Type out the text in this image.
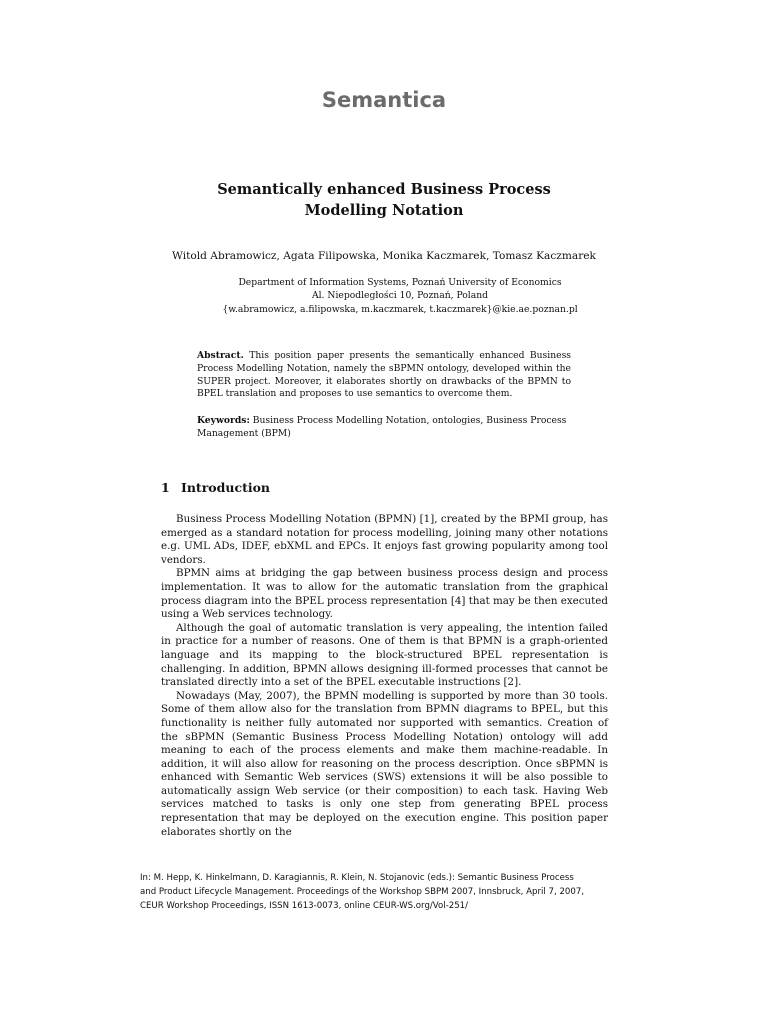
Semantica
Semantically enhanced Business Process Modelling Notation
Witold Abramowicz, Agata Filipowska, Monika Kaczmarek, Tomasz Kaczmarek
Department of Information Systems, Poznań University of Economics
Al. Niepodległości 10, Poznań, Poland
{w.abramowicz, a.filipowska, m.kaczmarek, t.kaczmarek}@kie.ae.poznan.pl
Abstract. This position paper presents the semantically enhanced Business Process Modelling Notation, namely the sBPMN ontology, developed within the SUPER project. Moreover, it elaborates shortly on drawbacks of the BPMN to BPEL translation and proposes to use semantics to overcome them.
Keywords: Business Process Modelling Notation, ontologies, Business Process Management (BPM)
1 Introduction

Business Process Modelling Notation (BPMN) [1], created by the BPMI group, has emerged as a standard notation for process modelling, joining many other notations e.g. UML ADs, IDEF, ebXML and EPCs. It enjoys fast growing popularity among tool vendors.

BPMN aims at bridging the gap between business process design and process implementation. It was to allow for the automatic translation from the graphical process diagram into the BPEL process representation [4] that may be then executed using a Web services technology.

Although the goal of automatic translation is very appealing, the intention failed in practice for a number of reasons. One of them is that BPMN is a graph-oriented language and its mapping to the block-structured BPEL representation is challenging. In addition, BPMN allows designing ill-formed processes that cannot be translated directly into a set of the BPEL executable instructions [2].

Nowadays (May, 2007), the BPMN modelling is supported by more than 30 tools. Some of them allow also for the translation from BPMN diagrams to BPEL, but this functionality is neither fully automated nor supported with semantics. Creation of the sBPMN (Semantic Business Process Modelling Notation) ontology will add meaning to each of the process elements and make them machine-readable. In addition, it will also allow for reasoning on the process description. Once sBPMN is enhanced with Semantic Web services (SWS) extensions it will be also possible to automatically assign Web service (or their composition) to each task. Having Web services matched to tasks is only one step from generating BPEL process representation that may be deployed on the execution engine. This position paper elaborates shortly on the

In: M. Hepp, K. Hinkelmann, D. Karagiannis, R. Klein, N. Stojanovic (eds.): Semantic Business Process
and Product Lifecycle Management. Proceedings of the Workshop SBPM 2007, Innsbruck, April 7, 2007,
CEUR Workshop Proceedings, ISSN 1613-0073, online CEUR-WS.org/Vol-251/
